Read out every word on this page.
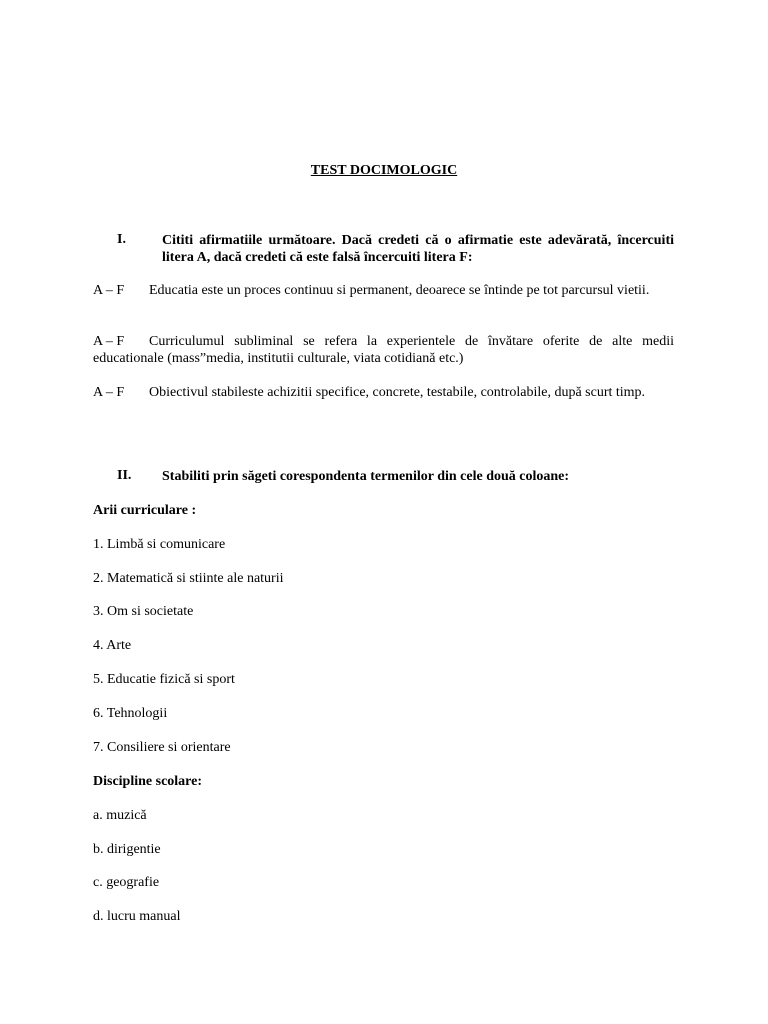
TEST DOCIMOLOGIC
I.	Cititi afirmatiile următoare. Dacă credeti că o afirmatie este adevărată, încercuiti litera A, dacă credeti că este falsă încercuiti litera F:
A – F Educatia este un proces continuu si permanent, deoarece se întinde pe tot parcursul vietii.
A – F Curriculumul subliminal se refera la experientele de învătare oferite de alte medii educationale (mass”media, institutii culturale, viata cotidiană etc.)
A – F Obiectivul stabileste achizitii specifice, concrete, testabile, controlabile, după scurt timp.
II. Stabiliti prin săgeti corespondenta termenilor din cele două coloane:
Arii curriculare :
1. Limbă si comunicare
2. Matematică si stiinte ale naturii
3. Om si societate
4. Arte
5. Educatie fizică si sport
6. Tehnologii
7. Consiliere si orientare
Discipline scolare:
a. muzică
b. dirigentie
c. geografie
d. lucru manual
